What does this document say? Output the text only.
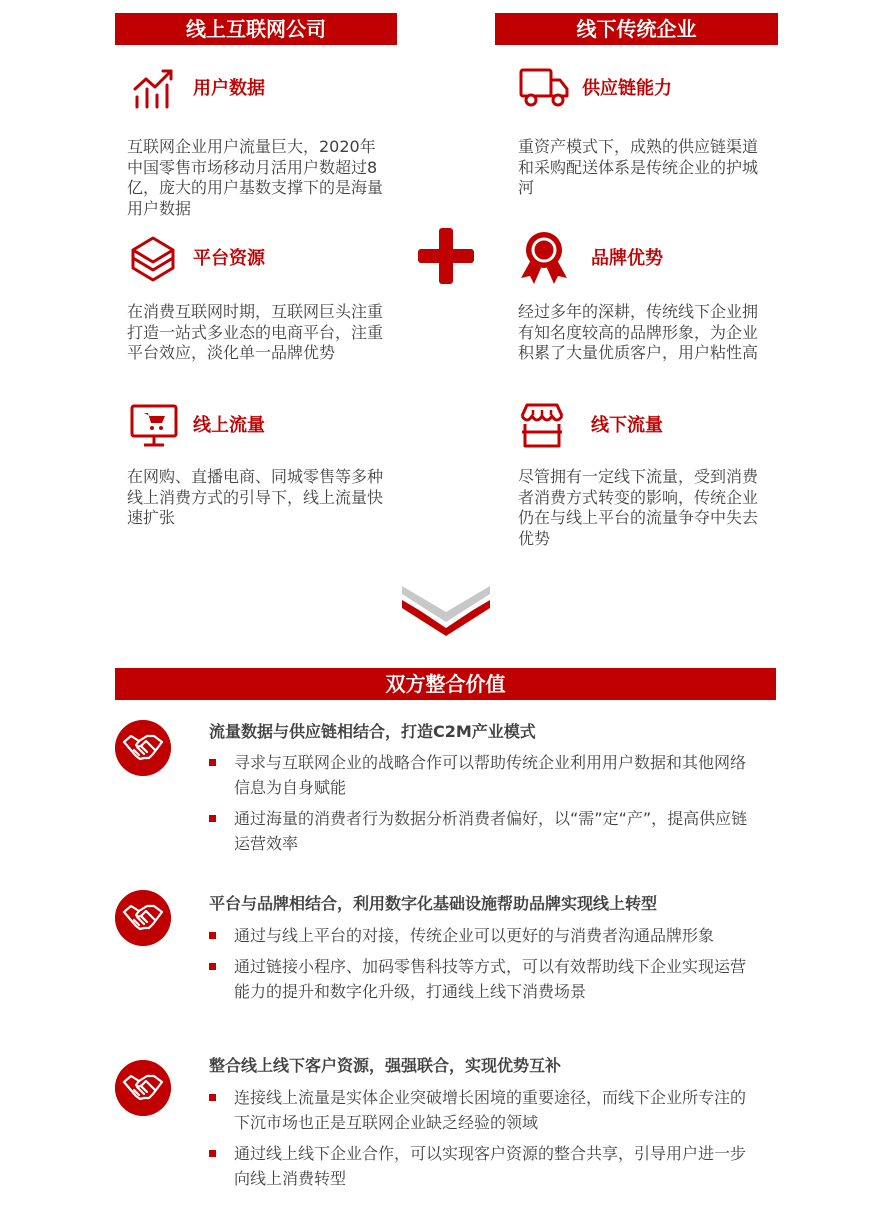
线上互联网公司	线下传统企业
用户数据
互联网企业用户流量巨大，2020年中国零售市场移动月活用户数超过8亿，庞大的用户基数支撑下的是海量用户数据
平台资源
在消费互联网时期，互联网巨头注重打造一站式多业态的电商平台，注重平台效应，淡化单一品牌优势
线上流量
在网购、直播电商、同城零售等多种线上消费方式的引导下，线上流量快速扩张
供应链能力
重资产模式下，成熟的供应链渠道和采购配送体系是传统企业的护城河
品牌优势
经过多年的深耕，传统线下企业拥有知名度较高的品牌形象，为企业积累了大量优质客户，用户粘性高
线下流量
尽管拥有一定线下流量，受到消费者消费方式转变的影响，传统企业仍在与线上平台的流量争夺中失去优势
双方整合价值
流量数据与供应链相结合，打造C2M产业模式
寻求与互联网企业的战略合作可以帮助传统企业利用用户数据和其他网络信息为自身赋能
通过海量的消费者行为数据分析消费者偏好，以“需”定“产”，提高供应链运营效率
平台与品牌相结合，利用数字化基础设施帮助品牌实现线上转型
通过与线上平台的对接，传统企业可以更好的与消费者沟通品牌形象
通过链接小程序、加码零售科技等方式，可以有效帮助线下企业实现运营能力的提升和数字化升级，打通线上线下消费场景
整合线上线下客户资源，强强联合，实现优势互补
连接线上流量是实体企业突破增长困境的重要途径，而线下企业所专注的下沉市场也正是互联网企业缺乏经验的领域
通过线上线下企业合作，可以实现客户资源的整合共享，引导用户进一步向线上消费转型
